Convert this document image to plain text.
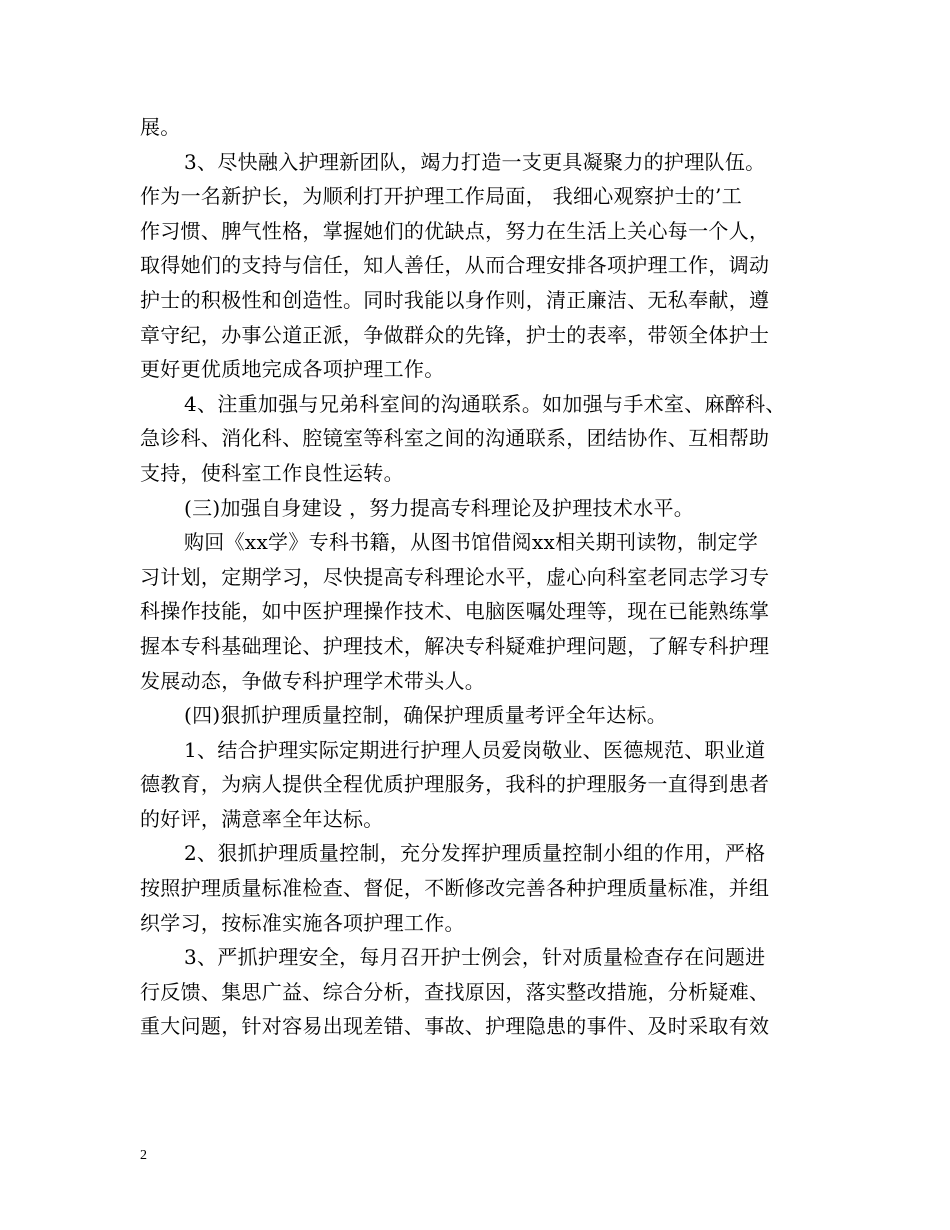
展。
3、尽快融入护理新团队，竭力打造一支更具凝聚力的护理队伍。
作为一名新护长，为顺利打开护理工作局面， 我细心观察护士的’工
作习惯、脾气性格，掌握她们的优缺点，努力在生活上关心每一个人，
取得她们的支持与信任，知人善任，从而合理安排各项护理工作，调动
护士的积极性和创造性。同时我能以身作则，清正廉洁、无私奉献，遵
章守纪，办事公道正派，争做群众的先锋，护士的表率，带领全体护士
更好更优质地完成各项护理工作。
4、注重加强与兄弟科室间的沟通联系。如加强与手术室、麻醉科、
急诊科、消化科、腔镜室等科室之间的沟通联系，团结协作、互相帮助
支持，使科室工作良性运转。
(三)加强自身建设 ，努力提高专科理论及护理技术水平。
购回《xx学》专科书籍，从图书馆借阅xx相关期刊读物，制定学
习计划，定期学习，尽快提高专科理论水平，虚心向科室老同志学习专
科操作技能，如中医护理操作技术、电脑医嘱处理等，现在已能熟练掌
握本专科基础理论、护理技术，解决专科疑难护理问题，了解专科护理
发展动态，争做专科护理学术带头人。
(四)狠抓护理质量控制，确保护理质量考评全年达标。
1、结合护理实际定期进行护理人员爱岗敬业、医德规范、职业道
德教育，为病人提供全程优质护理服务，我科的护理服务一直得到患者
的好评，满意率全年达标。
2、狠抓护理质量控制，充分发挥护理质量控制小组的作用，严格
按照护理质量标准检查、督促，不断修改完善各种护理质量标准，并组
织学习，按标准实施各项护理工作。
3、严抓护理安全，每月召开护士例会，针对质量检查存在问题进
行反馈、集思广益、综合分析，查找原因，落实整改措施，分析疑难、
重大问题，针对容易出现差错、事故、护理隐患的事件、及时采取有效
2
